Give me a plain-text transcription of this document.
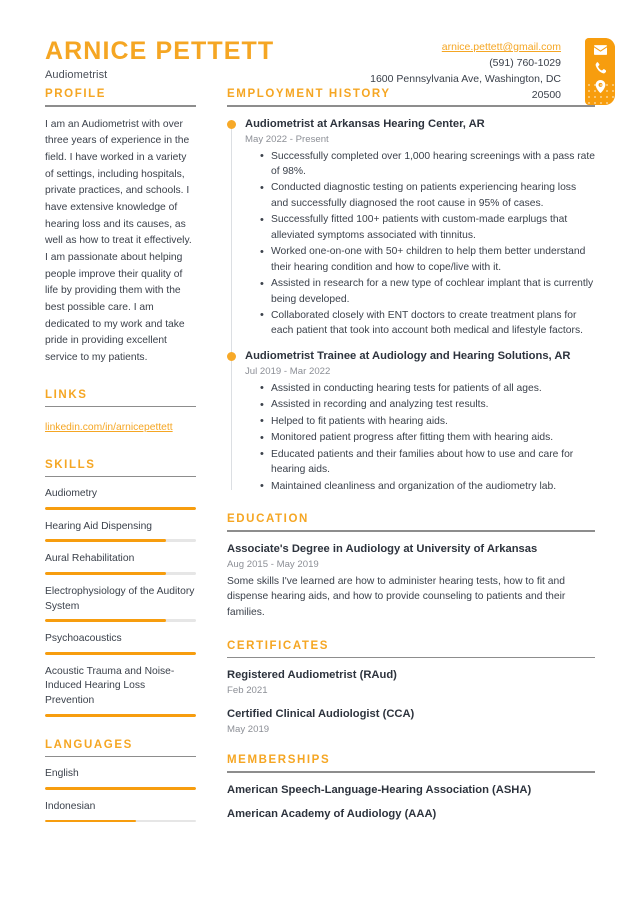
ARNICE PETTETT
Audiometrist
arnice.pettett@gmail.com
(591) 760-1029
1600 Pennsylvania Ave, Washington, DC
20500
PROFILE
I am an Audiometrist with over three years of experience in the field. I have worked in a variety of settings, including hospitals, private practices, and schools. I have extensive knowledge of hearing loss and its causes, as well as how to treat it effectively. I am passionate about helping people improve their quality of life by providing them with the best possible care. I am dedicated to my work and take pride in providing excellent service to my patients.
LINKS
linkedin.com/in/arnicepettett
SKILLS
Audiometry
Hearing Aid Dispensing
Aural Rehabilitation
Electrophysiology of the Auditory System
Psychoacoustics
Acoustic Trauma and Noise-Induced Hearing Loss Prevention
LANGUAGES
English
Indonesian
EMPLOYMENT HISTORY
Audiometrist at Arkansas Hearing Center, AR
May 2022 - Present
• Successfully completed over 1,000 hearing screenings with a pass rate of 98%.
• Conducted diagnostic testing on patients experiencing hearing loss and successfully diagnosed the root cause in 95% of cases.
• Successfully fitted 100+ patients with custom-made earplugs that alleviated symptoms associated with tinnitus.
• Worked one-on-one with 50+ children to help them better understand their hearing condition and how to cope/live with it.
• Assisted in research for a new type of cochlear implant that is currently being developed.
• Collaborated closely with ENT doctors to create treatment plans for each patient that took into account both medical and lifestyle factors.
Audiometrist Trainee at Audiology and Hearing Solutions, AR
Jul 2019 - Mar 2022
• Assisted in conducting hearing tests for patients of all ages.
• Assisted in recording and analyzing test results.
• Helped to fit patients with hearing aids.
• Monitored patient progress after fitting them with hearing aids.
• Educated patients and their families about how to use and care for hearing aids.
• Maintained cleanliness and organization of the audiometry lab.
EDUCATION
Associate's Degree in Audiology at University of Arkansas
Aug 2015 - May 2019
Some skills I've learned are how to administer hearing tests, how to fit and dispense hearing aids, and how to provide counseling to patients and their families.
CERTIFICATES
Registered Audiometrist (RAud)
Feb 2021
Certified Clinical Audiologist (CCA)
May 2019
MEMBERSHIPS
American Speech-Language-Hearing Association (ASHA)
American Academy of Audiology (AAA)
